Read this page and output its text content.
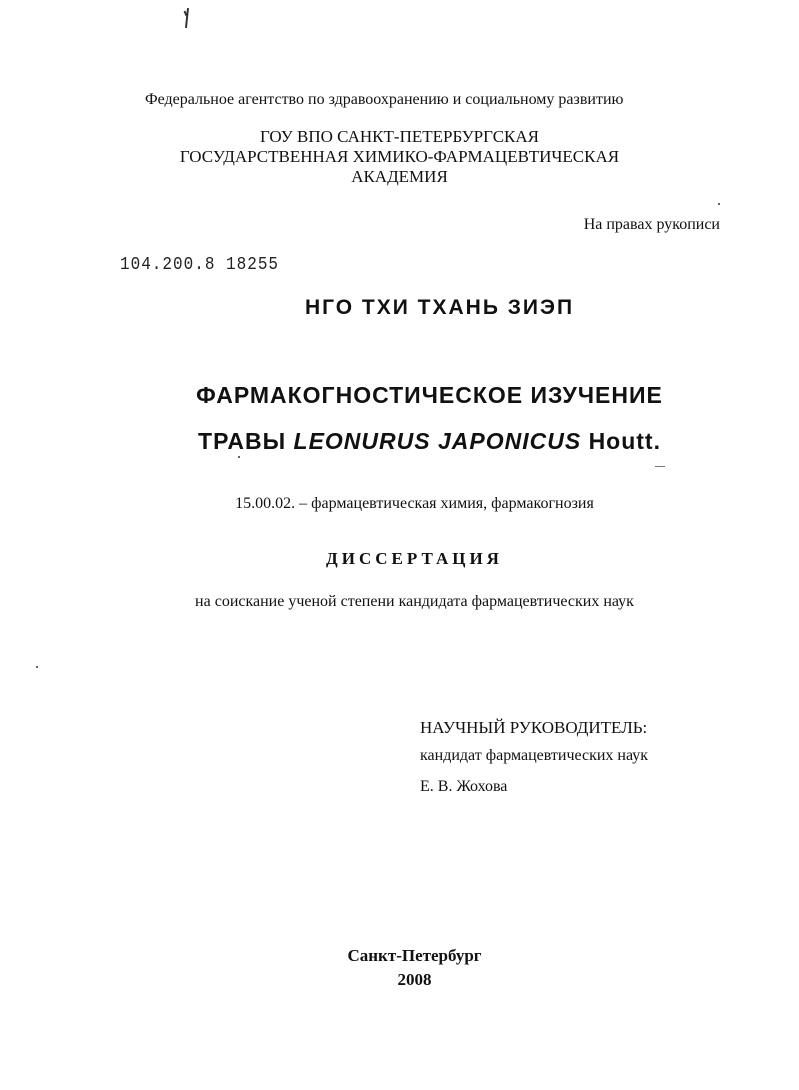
Федеральное агентство по здравоохранению и социальному развитию

ГОУ ВПО САНКТ-ПЕТЕРБУРГСКАЯ
ГОСУДАРСТВЕННАЯ ХИМИКО-ФАРМАЦЕВТИЧЕСКАЯ
АКАДЕМИЯ

На правах рукописи

104.200.8 18255

НГО ТХИ ТХАНЬ ЗИЭП

ФАРМАКОГНОСТИЧЕСКОЕ ИЗУЧЕНИЕ

ТРАВЫ LEONURUS JAPONICUS Houtt.

15.00.02. – фармацевтическая химия, фармакогнозия

ДИССЕРТАЦИЯ

на соискание ученой степени кандидата фармацевтических наук

НАУЧНЫЙ РУКОВОДИТЕЛЬ:

кандидат фармацевтических наук

Е. В. Жохова

Санкт-Петербург

2008
